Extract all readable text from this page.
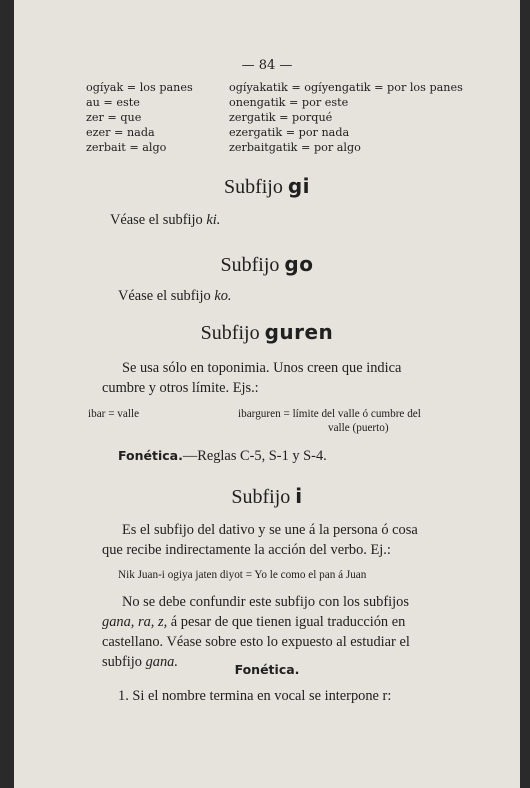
— 84 —
ogíyak = los panes	ogíyakatik = ogíyengatik = por los panes
au = este	onengatik = por este
zer = que	zergatik = porqué
ezer = nada	ezergatik = por nada
zerbait = algo	zerbaitgatik = por algo
Subfijo gi
Véase el subfijo ki.
Subfijo go
Véase el subfijo ko.
Subfijo guren
Se usa sólo en toponimia. Unos creen que indica
cumbre y otros límite. Ejs.:
ibar = valle	ibarguren = límite del valle ó cumbre del
valle (puerto)
Fonética.—Reglas C-5, S-1 y S-4.
Subfijo i
Es el subfijo del dativo y se une á la persona ó cosa
que recibe indirectamente la acción del verbo. Ej.:
Nik Juan-i ogiya jaten diyot = Yo le como el pan á Juan
No se debe confundir este subfijo con los subfijos
gana, ra, z, á pesar de que tienen igual traducción en
castellano. Véase sobre esto lo expuesto al estudiar el
subfijo gana.	Fonética.
1. Si el nombre termina en vocal se interpone r:
